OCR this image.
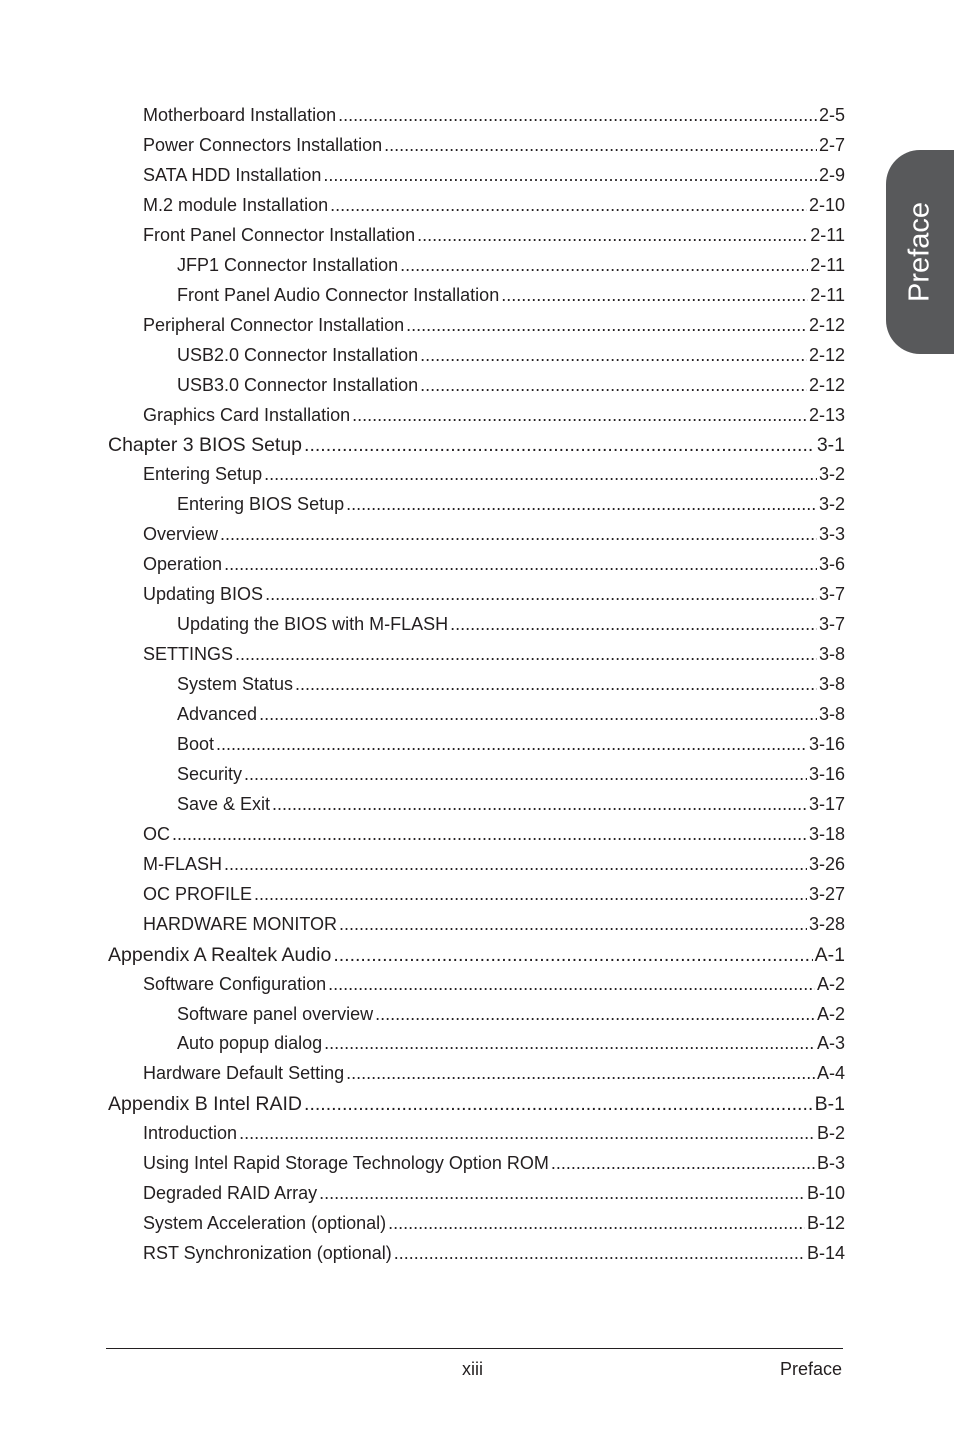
Preface
Motherboard Installation .....	2-5
Power Connectors Installation .....	2-7
SATA HDD Installation .....	2-9
M.2 module Installation .....	2-10
Front Panel Connector Installation .....	2-11
JFP1 Connector Installation .....	2-11
Front Panel Audio Connector Installation .....	2-11
Peripheral Connector Installation .....	2-12
USB2.0 Connector Installation .....	2-12
USB3.0 Connector Installation .....	2-12
Graphics Card Installation .....	2-13
Chapter 3 BIOS Setup .....	3-1
Entering Setup .....	3-2
Entering BIOS Setup .....	3-2
Overview .....	3-3
Operation .....	3-6
Updating BIOS .....	3-7
Updating the BIOS with M-FLASH .....	3-7
SETTINGS .....	3-8
System Status .....	3-8
Advanced .....	3-8
Boot .....	3-16
Security .....	3-16
Save & Exit .....	3-17
OC .....	3-18
M-FLASH .....	3-26
OC PROFILE .....	3-27
HARDWARE MONITOR .....	3-28
Appendix A Realtek Audio .....	A-1
Software Configuration .....	A-2
Software panel overview .....	A-2
Auto popup dialog .....	A-3
Hardware Default Setting .....	A-4
Appendix B Intel RAID .....	B-1
Introduction .....	B-2
Using Intel Rapid Storage Technology Option ROM .....	B-3
Degraded RAID Array .....	B-10
System Acceleration (optional) .....	B-12
RST Synchronization (optional) .....	B-14
xiii	Preface
